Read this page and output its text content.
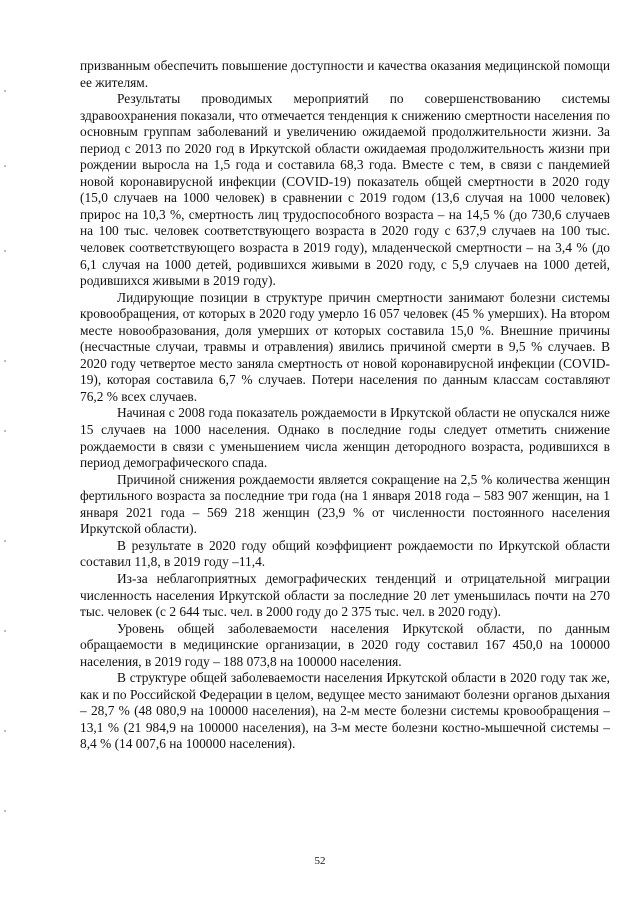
призванным обеспечить повышение доступности и качества оказания медицинской помощи ее жителям.

Результаты проводимых мероприятий по совершенствованию системы здравоохранения показали, что отмечается тенденция к снижению смертности населения по основным группам заболеваний и увеличению ожидаемой продолжительности жизни. За период с 2013 по 2020 год в Иркутской области ожидаемая продолжительность жизни при рождении выросла на 1,5 года и составила 68,3 года. Вместе с тем, в связи с пандемией новой коронавирусной инфекции (COVID-19) показатель общей смертности в 2020 году (15,0 случаев на 1000 человек) в сравнении с 2019 годом (13,6 случая на 1000 человек) прирос на 10,3 %, смертность лиц трудоспособного возраста – на 14,5 % (до 730,6 случаев на 100 тыс. человек соответствующего возраста в 2020 году с 637,9 случаев на 100 тыс. человек соответствующего возраста в 2019 году), младенческой смертности – на 3,4 % (до 6,1 случая на 1000 детей, родившихся живыми в 2020 году, с 5,9 случаев на 1000 детей, родившихся живыми в 2019 году).

Лидирующие позиции в структуре причин смертности занимают болезни системы кровообращения, от которых в 2020 году умерло 16 057 человек (45 % умерших). На втором месте новообразования, доля умерших от которых составила 15,0 %. Внешние причины (несчастные случаи, травмы и отравления) явились причиной смерти в 9,5 % случаев. В 2020 году четвертое место заняла смертность от новой коронавирусной инфекции (COVID-19), которая составила 6,7 % случаев. Потери населения по данным классам составляют 76,2 % всех случаев.

Начиная с 2008 года показатель рождаемости в Иркутской области не опускался ниже 15 случаев на 1000 населения. Однако в последние годы следует отметить снижение рождаемости в связи с уменьшением числа женщин детородного возраста, родившихся в период демографического спада.

Причиной снижения рождаемости является сокращение на 2,5 % количества женщин фертильного возраста за последние три года (на 1 января 2018 года – 583 907 женщин, на 1 января 2021 года – 569 218 женщин (23,9 % от численности постоянного населения Иркутской области).

В результате в 2020 году общий коэффициент рождаемости по Иркутской области составил 11,8, в 2019 году –11,4.

Из-за неблагоприятных демографических тенденций и отрицательной миграции численность населения Иркутской области за последние 20 лет уменьшилась почти на 270 тыс. человек (с 2 644 тыс. чел. в 2000 году до 2 375 тыс. чел. в 2020 году).

Уровень общей заболеваемости населения Иркутской области, по данным обращаемости в медицинские организации, в 2020 году составил 167 450,0 на 100000 населения, в 2019 году – 188 073,8 на 100000 населения.

В структуре общей заболеваемости населения Иркутской области в 2020 году так же, как и по Российской Федерации в целом, ведущее место занимают болезни органов дыхания – 28,7 % (48 080,9 на 100000 населения), на 2-м месте болезни системы кровообращения – 13,1 % (21 984,9 на 100000 населения), на 3-м месте болезни костно-мышечной системы – 8,4 % (14 007,6 на 100000 населения).

52
